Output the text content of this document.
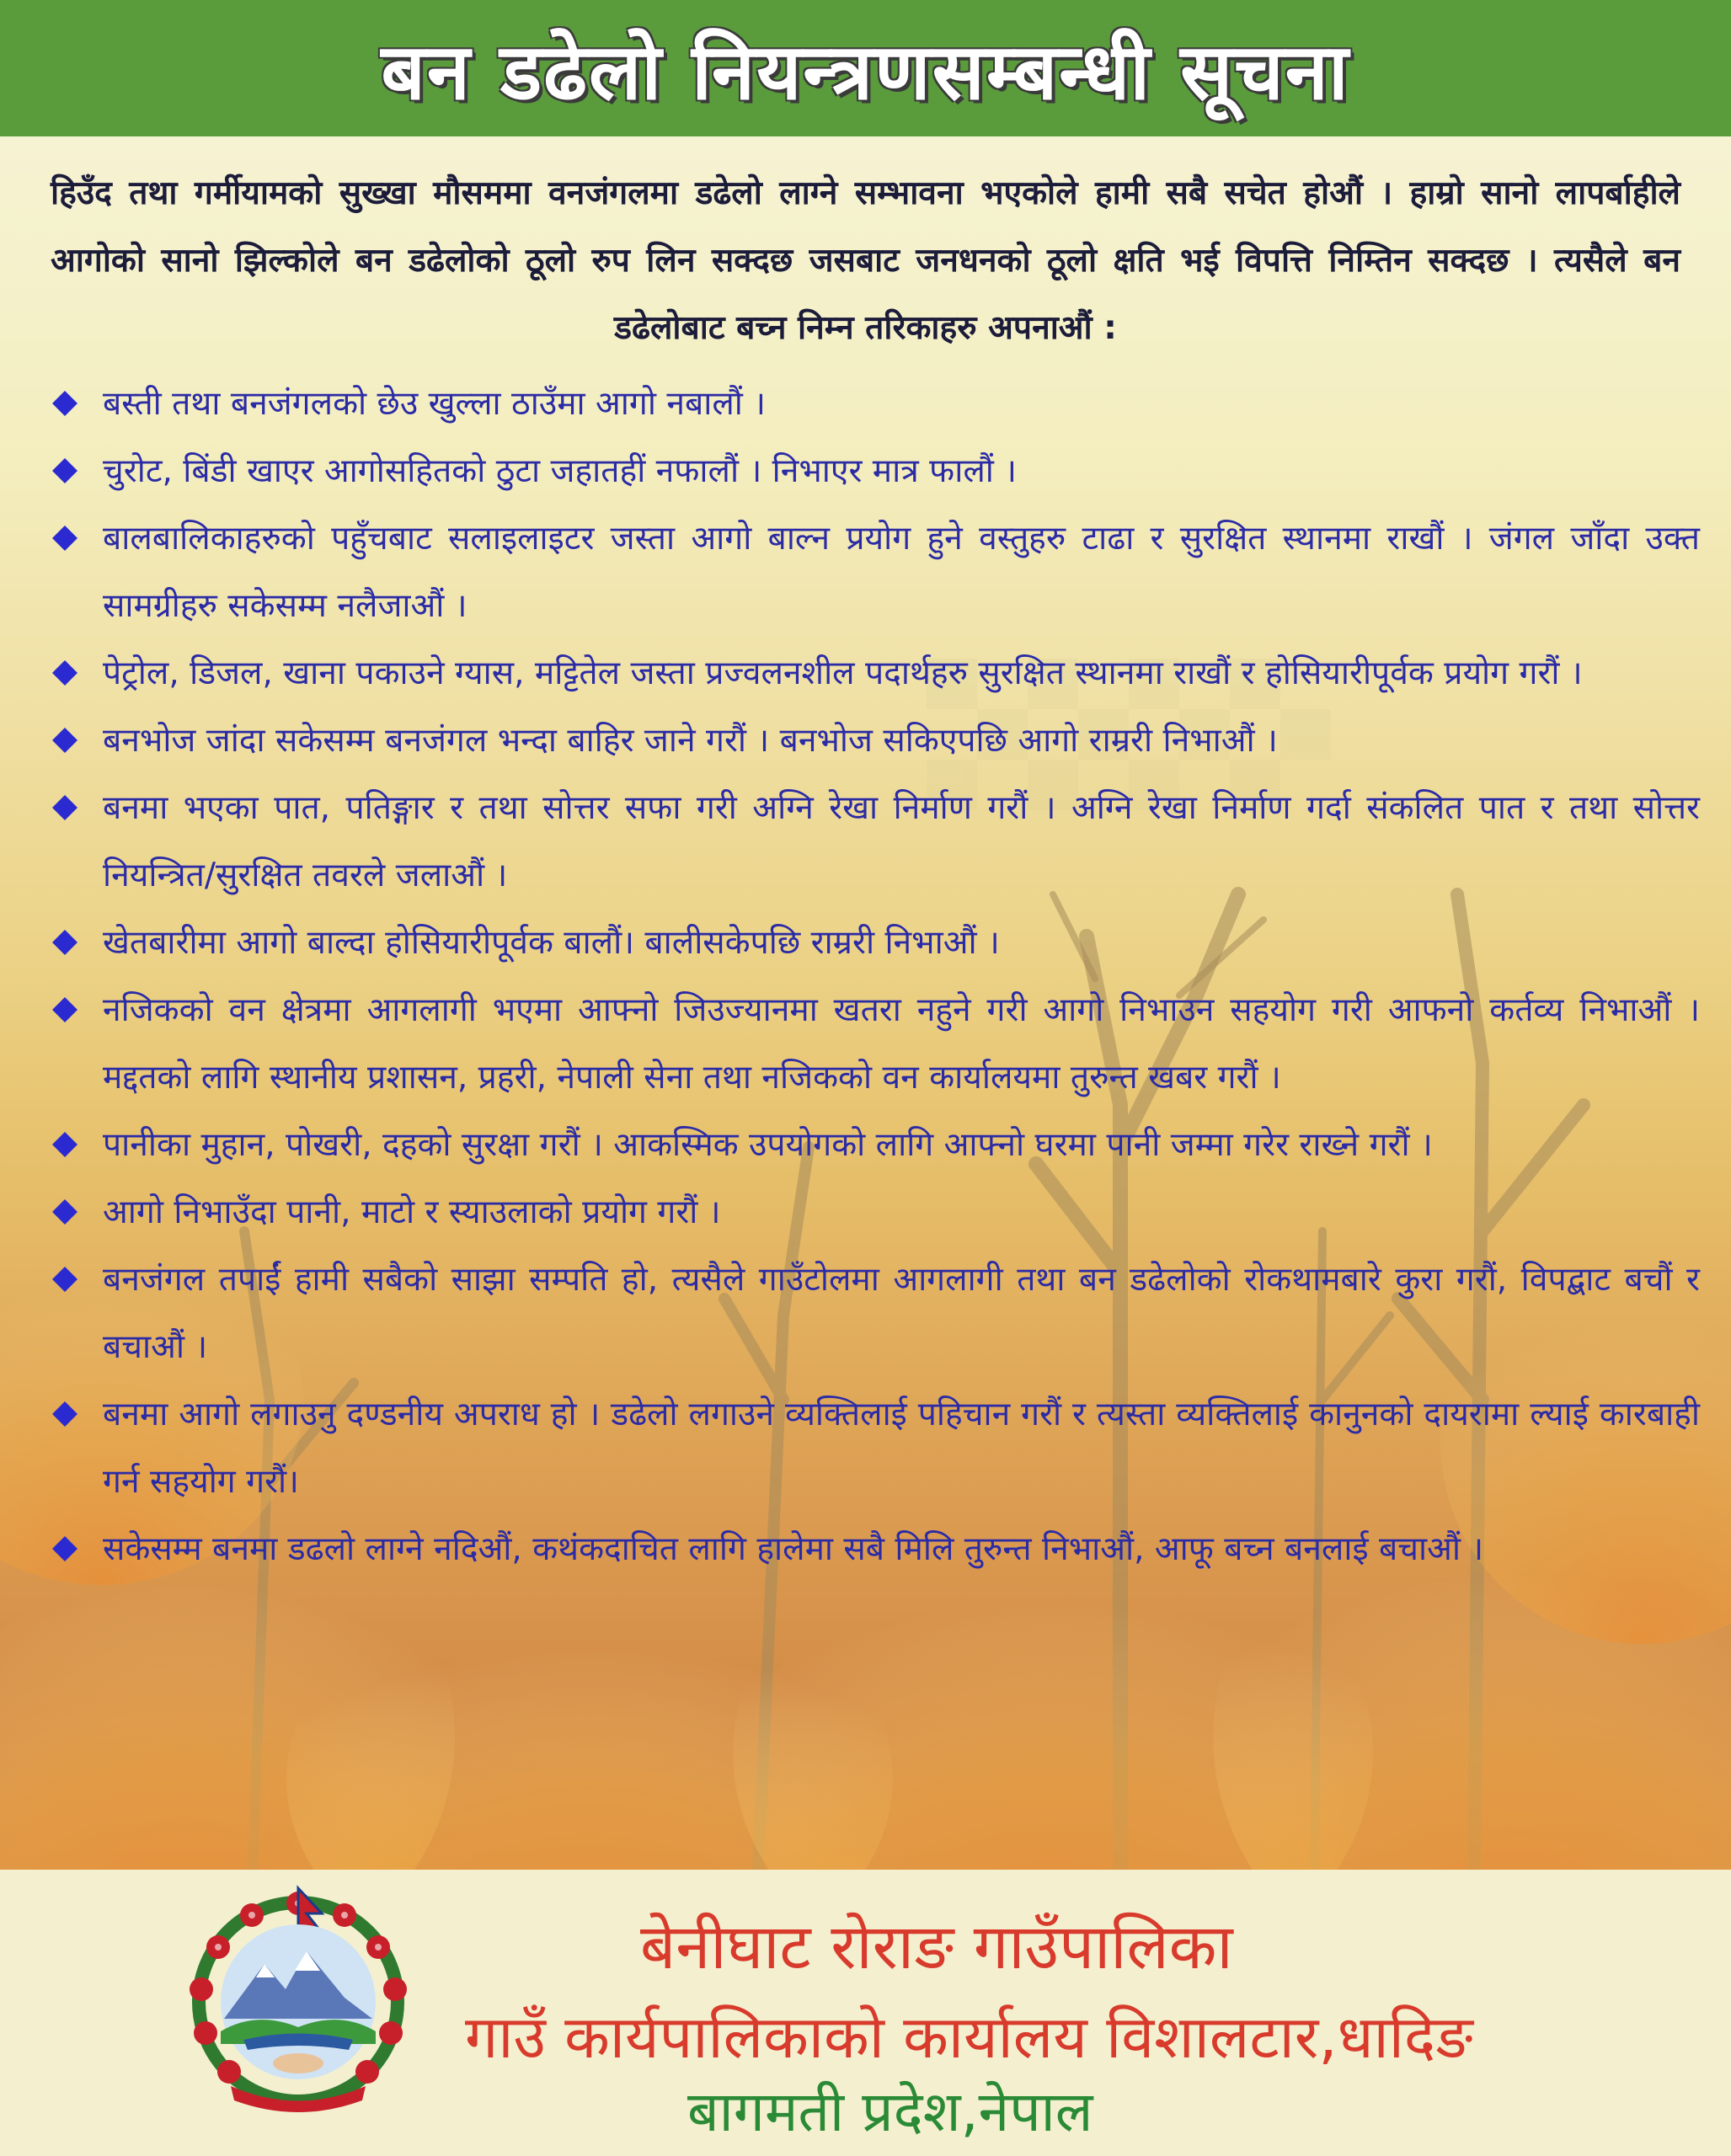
बन डढेलो नियन्त्रणसम्बन्धी सूचना
हिउँद तथा गर्मीयामको सुख्खा मौसममा वनजंगलमा डढेलो लाग्ने सम्भावना भएकोले हामी सबै सचेत होऔं । हाम्रो सानो लापर्बाहीले आगोको सानो झिल्कोले बन डढेलोको ठूलो रुप लिन सक्दछ जसबाट जनधनको ठूलो क्षति भई विपत्ति निम्तिन सक्दछ । त्यसैले बन डढेलोबाट बच्न निम्न तरिकाहरु अपनाऔं :
बस्ती तथा बनजंगलको छेउ खुल्ला ठाउँमा आगो नबालौं ।
चुरोट, बिंडी खाएर आगोसहितको ठुटा जहातहीं नफालौं । निभाएर मात्र फालौं ।
बालबालिकाहरुको पहुँचबाट सलाइलाइटर जस्ता आगो बाल्न प्रयोग हुने वस्तुहरु टाढा र सुरक्षित स्थानमा राखौं । जंगल जाँदा उक्त सामग्रीहरु सकेसम्म नलैजाऔं ।
पेट्रोल, डिजल, खाना पकाउने ग्यास, मट्टितेल जस्ता प्रज्वलनशील पदार्थहरु सुरक्षित स्थानमा राखौं र होसियारीपूर्वक प्रयोग गरौं ।
बनभोज जांदा सकेसम्म बनजंगल भन्दा बाहिर जाने गरौं । बनभोज सकिएपछि आगो राम्ररी निभाऔं ।
बनमा भएका पात, पतिङ्गार र तथा सोत्तर सफा गरी अग्नि रेखा निर्माण गरौं । अग्नि रेखा निर्माण गर्दा संकलित पात र तथा सोत्तर नियन्त्रित/सुरक्षित तवरले जलाऔं ।
खेतबारीमा आगो बाल्दा होसियारीपूर्वक बालौं। बालीसकेपछि राम्ररी निभाऔं ।
नजिकको वन क्षेत्रमा आगलागी भएमा आफ्नो जिउज्यानमा खतरा नहुने गरी आगो निभाउन सहयोग गरी आफनो कर्तव्य निभाऔं । मद्दतको लागि स्थानीय प्रशासन, प्रहरी, नेपाली सेना तथा नजिकको वन कार्यालयमा तुरुन्त खबर गरौं ।
पानीका मुहान, पोखरी, दहको सुरक्षा गरौं । आकस्मिक उपयोगको लागि आफ्नो घरमा पानी जम्मा गरेर राख्ने गरौं ।
आगो निभाउँदा पानी, माटो र स्याउलाको प्रयोग गरौं ।
बनजंगल तपाईं हामी सबैको साझा सम्पति हो, त्यसैले गाउँटोलमा आगलागी तथा बन डढेलोको रोकथामबारे कुरा गरौं, विपद्बाट बचौं र बचाऔं ।
बनमा आगो लगाउनु दण्डनीय अपराध हो । डढेलो लगाउने व्यक्तिलाई पहिचान गरौं र त्यस्ता व्यक्तिलाई कानुनको दायरामा ल्याई कारबाही गर्न सहयोग गरौं।
सकेसम्म बनमा डढलो लाग्ने नदिऔं, कथंकदाचित लागि हालेमा सबै मिलि तुरुन्त निभाऔं, आफू बच्न बनलाई बचाऔं ।
बेनीघाट रोराङ गाउँपालिका
गाउँ कार्यपालिकाको कार्यालय विशालटार,धादिङ
बागमती प्रदेश,नेपाल
